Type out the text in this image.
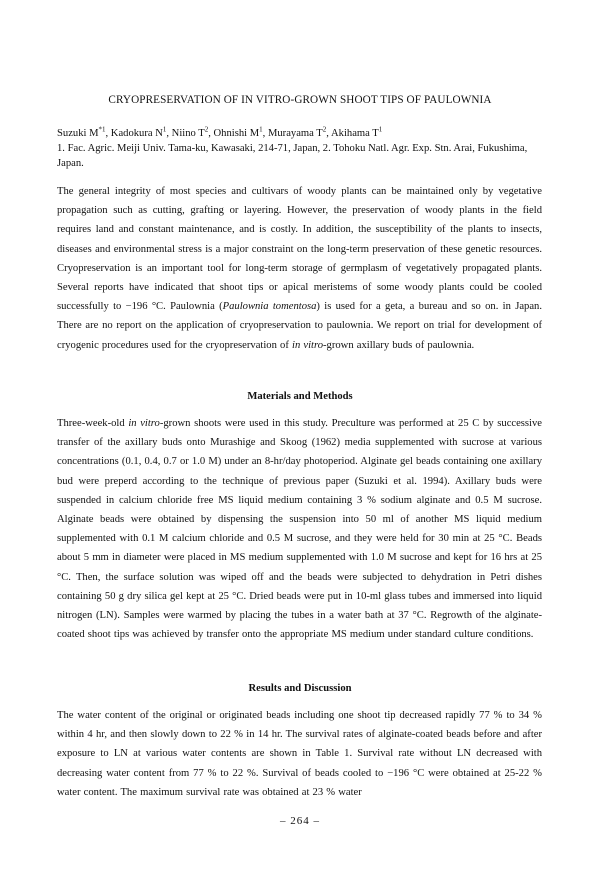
CRYOPRESERVATION OF IN VITRO-GROWN SHOOT TIPS OF PAULOWNIA
Suzuki $M^{*1}$, Kadokura $N^1$, Niino $T^2$, Ohnishi $M^1$, Murayama $T^2$, Akihama $T^1$
1. Fac. Agric. Meiji Univ. Tama-ku, Kawasaki, 214-71, Japan, 2. Tohoku Natl. Agr. Exp. Stn. Arai, Fukushima, Japan.
The general integrity of most species and cultivars of woody plants can be maintained only by vegetative propagation such as cutting, grafting or layering. However, the preservation of woody plants in the field requires land and constant maintenance, and is costly. In addition, the susceptibility of the plants to insects, diseases and environmental stress is a major constraint on the long-term preservation of these genetic resources. Cryopreservation is an important tool for long-term storage of germplasm of vegetatively propagated plants. Several reports have indicated that shoot tips or apical meristems of some woody plants could be cooled successfully to −196 °C. Paulownia (Paulownia tomentosa) is used for a geta, a bureau and so on. in Japan. There are no report on the application of cryopreservation to paulownia. We report on trial for development of cryogenic procedures used for the cryopreservation of in vitro-grown axillary buds of paulownia.
Materials and Methods
Three-week-old in vitro-grown shoots were used in this study. Preculture was performed at 25 C by successive transfer of the axillary buds onto Murashige and Skoog (1962) media supplemented with sucrose at various concentrations (0.1, 0.4, 0.7 or 1.0 M) under an 8-hr/day photoperiod. Alginate gel beads containing one axillary bud were preperd according to the technique of previous paper (Suzuki et al. 1994). Axillary buds were suspended in calcium chloride free MS liquid medium containing 3 % sodium alginate and 0.5 M sucrose. Alginate beads were obtained by dispensing the suspension into 50 ml of another MS liquid medium supplemented with 0.1 M calcium chloride and 0.5 M sucrose, and they were held for 30 min at 25 °C. Beads about 5 mm in diameter were placed in MS medium supplemented with 1.0 M sucrose and kept for 16 hrs at 25 °C. Then, the surface solution was wiped off and the beads were subjected to dehydration in Petri dishes containing 50 g dry silica gel kept at 25 °C. Dried beads were put in 10-ml glass tubes and immersed into liquid nitrogen (LN). Samples were warmed by placing the tubes in a water bath at 37 °C. Regrowth of the alginate-coated shoot tips was achieved by transfer onto the appropriate MS medium under standard culture conditions.
Results and Discussion
The water content of the original or originated beads including one shoot tip decreased rapidly 77 % to 34 % within 4 hr, and then slowly down to 22 % in 14 hr. The survival rates of alginate-coated beads before and after exposure to LN at various water contents are shown in Table 1. Survival rate without LN decreased with decreasing water content from 77 % to 22 %. Survival of beads cooled to −196 °C were obtained at 25-22 % water content. The maximum survival rate was obtained at 23 % water
– 264 –
